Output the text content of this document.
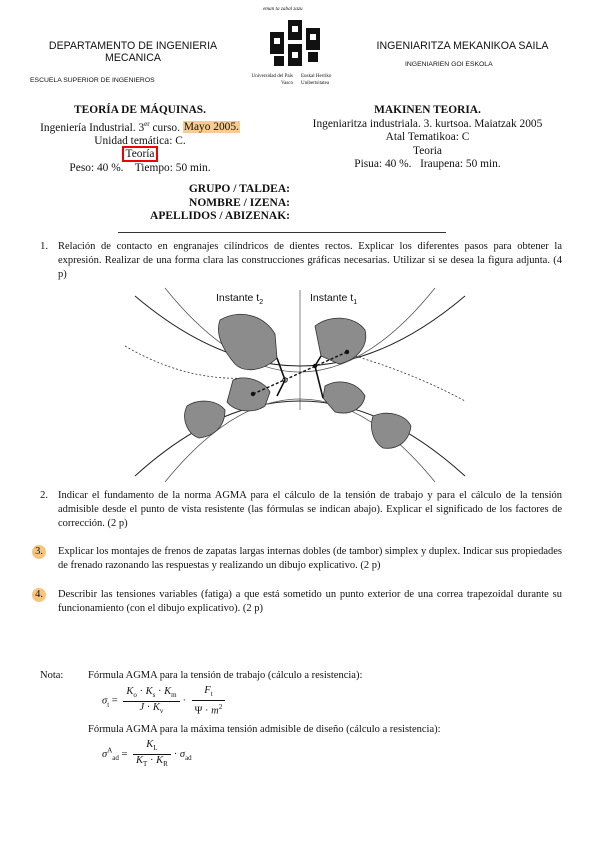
DEPARTAMENTO DE INGENIERIA MECANICA
ESCUELA SUPERIOR DE INGENIEROS
eman ta zabal zazu
Universidad del País Vasco
Euskal Herriko Unibertsitatea
INGENIARITZA MEKANIKOA SAILA
INGENIARIEN GOI ESKOLA
TEORÍA DE MÁQUINAS.
Ingeniería Industrial. 3er curso. Mayo 2005.
Unidad temática: C.
Teoría
Peso: 40 %.    Tiempo: 50 min.
MAKINEN TEORIA.
Ingeniaritza industriala. 3. kurtsoa. Maiatzak 2005
Atal Tematikoa: C
Teoria
Pisua: 40 %.   Iraupena: 50 min.
GRUPO / TALDEA:
NOMBRE / IZENA:
APELLIDOS / ABIZENAK:
1. Relación de contacto en engranajes cilíndricos de dientes rectos. Explicar los diferentes pasos para obtener la expresión. Realizar de una forma clara las construcciones gráficas necesarias. Utilizar si se desea la figura adjunta. (4 p)
Instante $t_2$	Instante $t_1$
2. Indicar el fundamento de la norma AGMA para el cálculo de la tensión de trabajo y para el cálculo de la tensión admisible desde el punto de vista resistente (las fórmulas se indican abajo). Explicar el significado de los factores de corrección. (2 p)
3. Explicar los montajes de frenos de zapatas largas internas dobles (de tambor) simplex y duplex. Indicar sus propiedades de frenado razonando las respuestas y realizando un dibujo explicativo. (2 p)
4. Describir las tensiones variables (fatiga) a que está sometido un punto exterior de una correa trapezoidal durante su funcionamiento (con el dibujo explicativo). (2 p)
Nota: Fórmula AGMA para la tensión de trabajo (cálculo a resistencia):
$\sigma_t = \frac{K_o \cdot K_s \cdot K_m}{J \cdot K_v} \cdot \frac{F_t}{\Psi \cdot m^2}$
Fórmula AGMA para la máxima tensión admisible de diseño (cálculo a resistencia):
$\sigma^A_{ad} = \frac{K_L}{K_T \cdot K_R} \cdot \sigma_{ad}$
